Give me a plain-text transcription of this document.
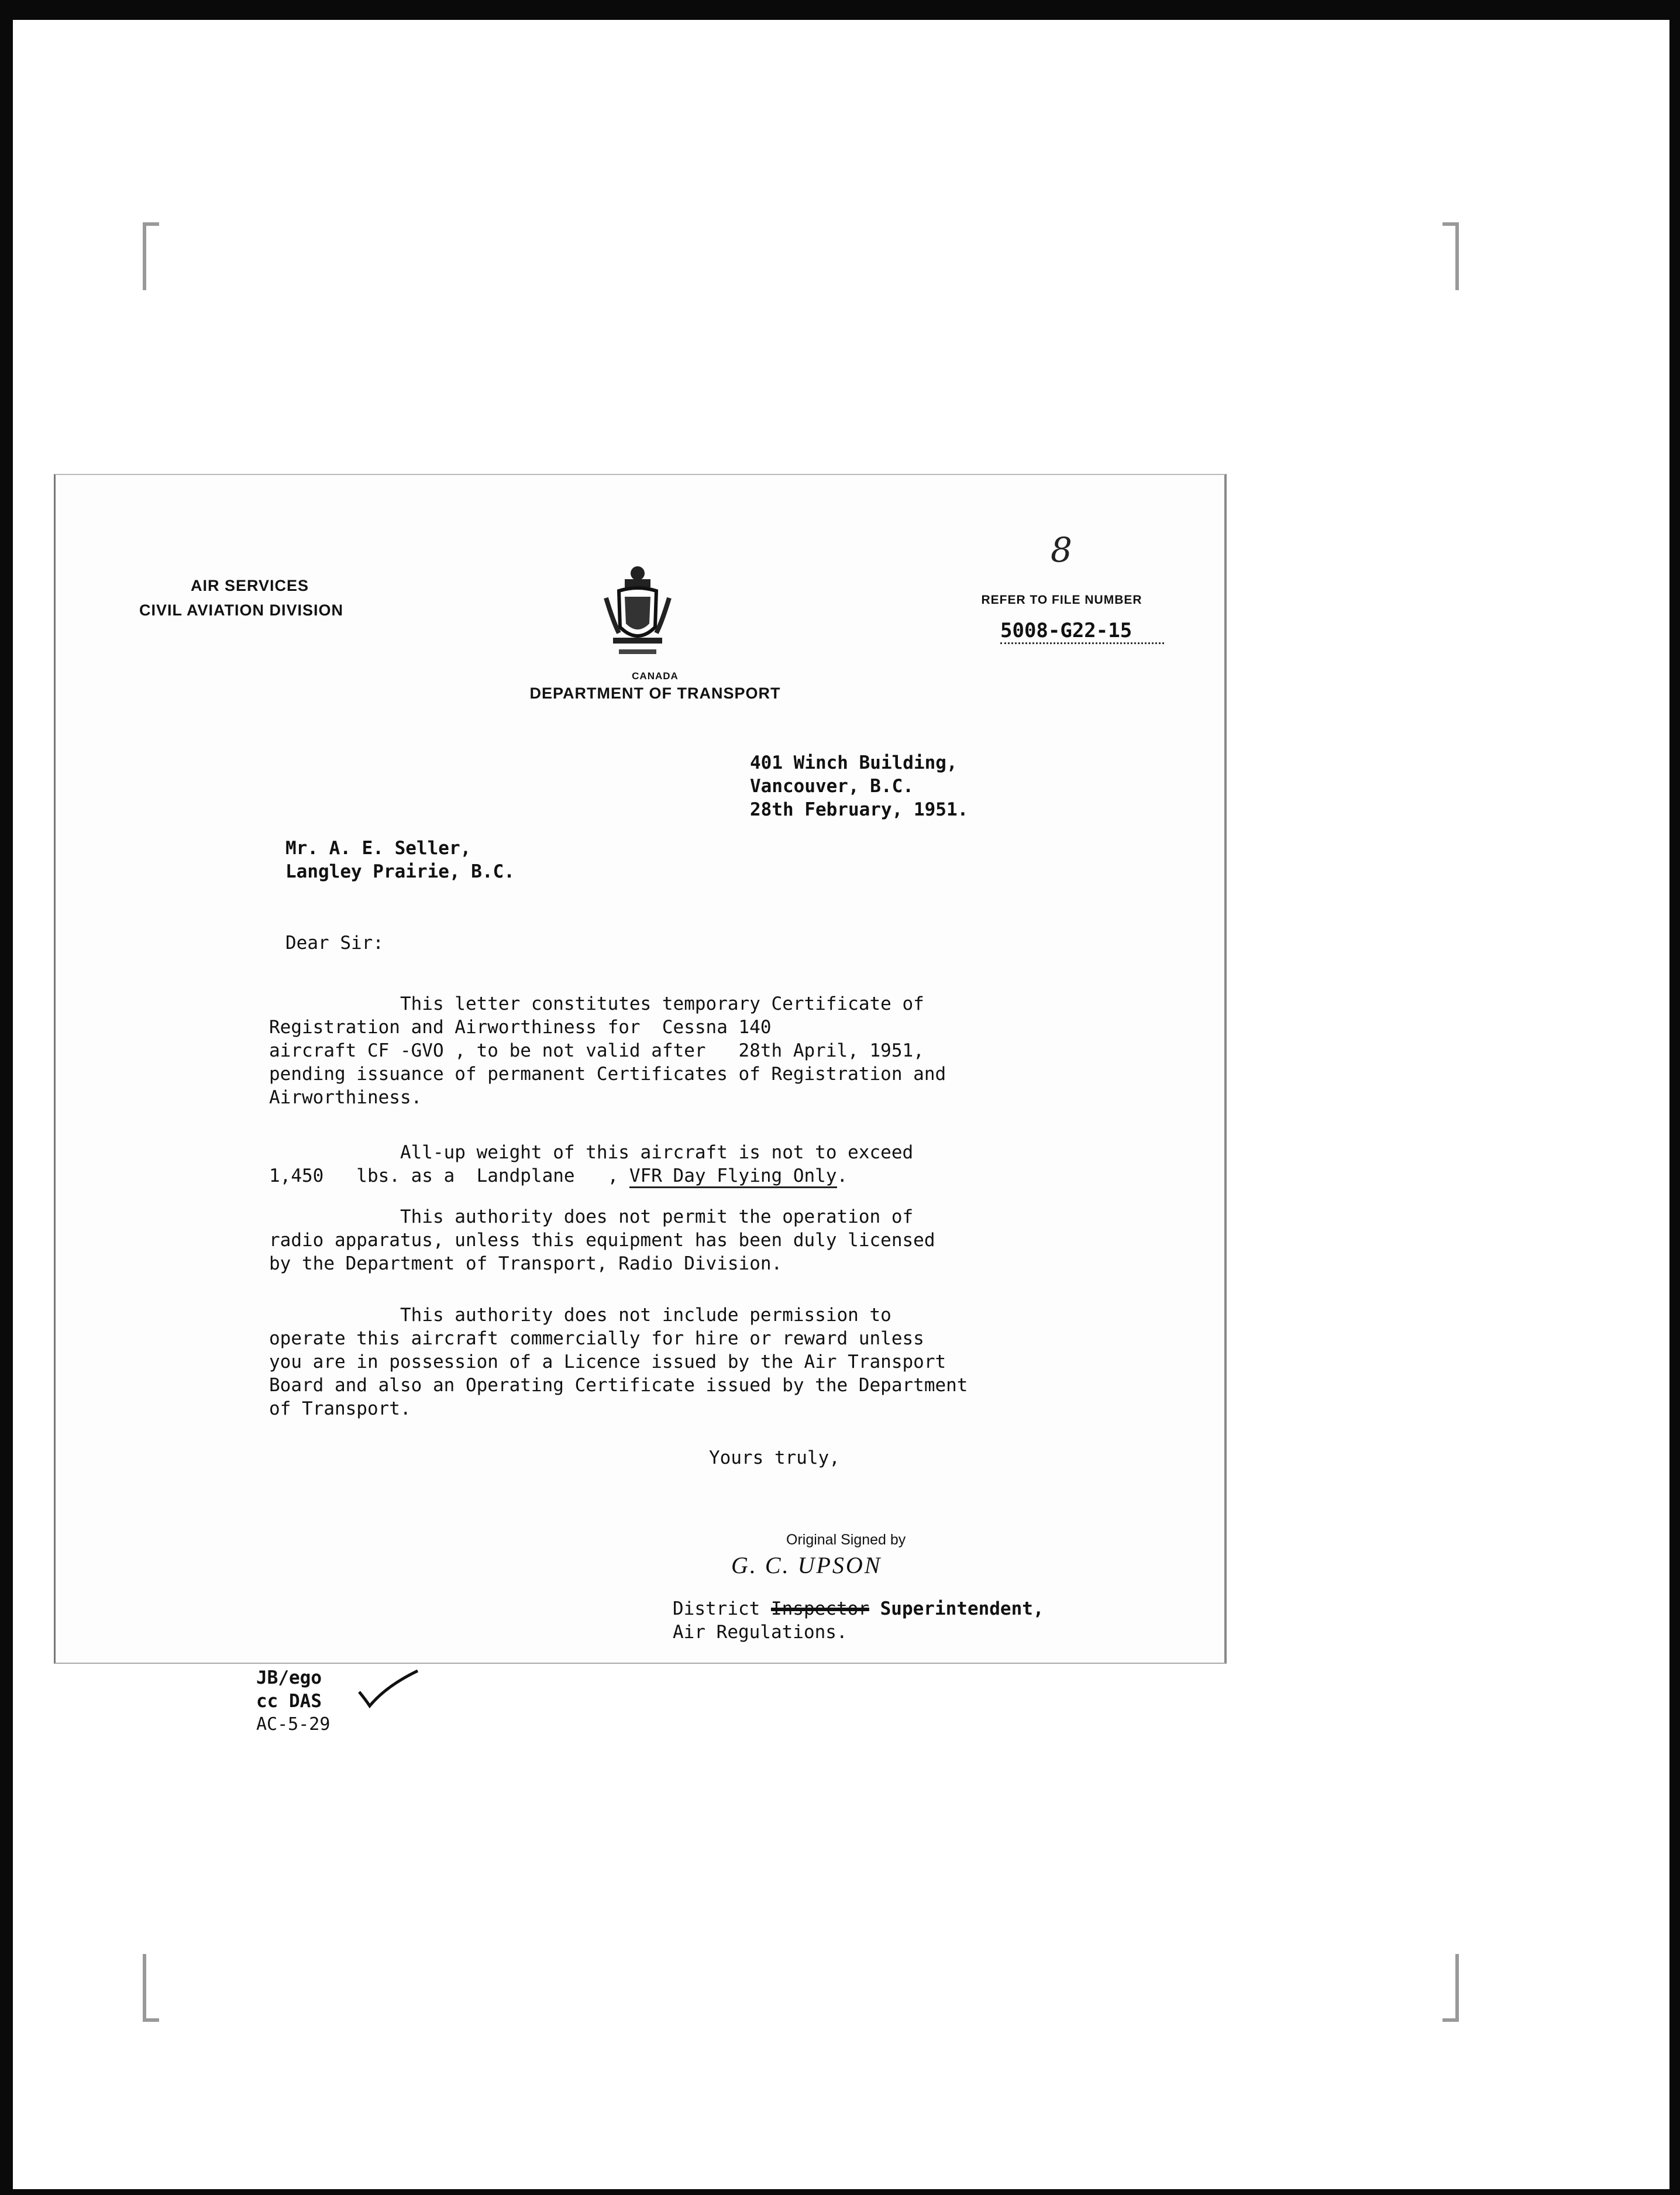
AIR SERVICES
CIVIL AVIATION DIVISION
CANADA
DEPARTMENT OF TRANSPORT
8
REFER TO FILE NUMBER
5008-G22-15
401 Winch Building,
Vancouver, B.C.
28th February, 1951.
Mr. A. E. Seller,
Langley Prairie, B.C.
Dear Sir:
This letter constitutes temporary Certificate of
Registration and Airworthiness for  Cessna 140
aircraft CF -GVO , to be not valid after   28th April, 1951,
pending issuance of permanent Certificates of Registration and
Airworthiness.
All-up weight of this aircraft is not to exceed
1,450   lbs. as a  Landplane   , VFR Day Flying Only.
This authority does not permit the operation of
radio apparatus, unless this equipment has been duly licensed
by the Department of Transport, Radio Division.
This authority does not include permission to
operate this aircraft commercially for hire or reward unless
you are in possession of a Licence issued by the Air Transport
Board and also an Operating Certificate issued by the Department
of Transport.
Yours truly,
Original Signed by
G. C. UPSON
District Inspector Superintendent,
Air Regulations.
JB/ego
cc DAS
AC-5-29
